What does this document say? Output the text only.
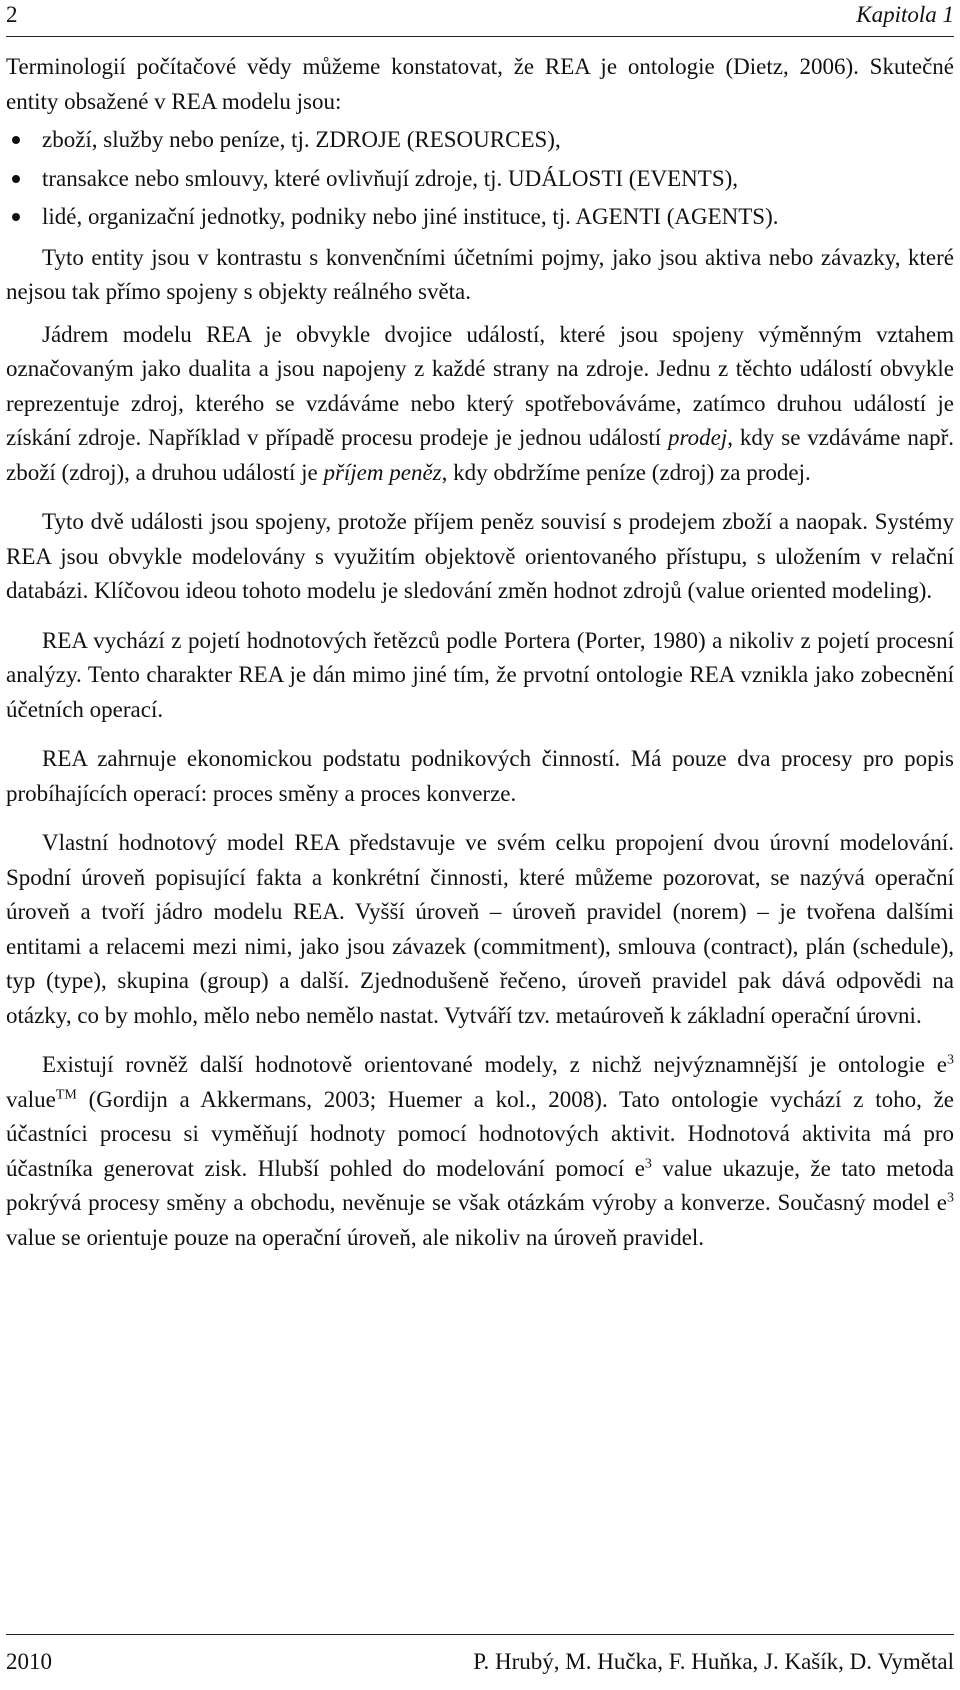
2	Kapitola 1

Terminologií počítačové vědy můžeme konstatovat, že REA je ontologie (Dietz, 2006). Skutečné entity obsažené v REA modelu jsou:

zboží, služby nebo peníze, tj. ZDROJE (RESOURCES),
transakce nebo smlouvy, které ovlivňují zdroje, tj. UDÁLOSTI (EVENTS),
lidé, organizační jednotky, podniky nebo jiné instituce, tj. AGENTI (AGENTS).

Tyto entity jsou v kontrastu s konvenčními účetními pojmy, jako jsou aktiva nebo závazky, které nejsou tak přímo spojeny s objekty reálného světa.

Jádrem modelu REA je obvykle dvojice událostí, které jsou spojeny výměnným vztahem označovaným jako dualita a jsou napojeny z každé strany na zdroje. Jednu z těchto událostí obvykle reprezentuje zdroj, kterého se vzdáváme nebo který spotřebováváme, zatímco druhou událostí je získání zdroje. Například v případě procesu prodeje je jednou událostí prodej, kdy se vzdáváme např. zboží (zdroj), a druhou událostí je příjem peněz, kdy obdržíme peníze (zdroj) za prodej.

Tyto dvě události jsou spojeny, protože příjem peněz souvisí s prodejem zboží a naopak. Systémy REA jsou obvykle modelovány s využitím objektově orientovaného přístupu, s uložením v relační databázi. Klíčovou ideou tohoto modelu je sledování změn hodnot zdrojů (value oriented modeling).

REA vychází z pojetí hodnotových řetězců podle Portera (Porter, 1980) a nikoliv z pojetí procesní analýzy. Tento charakter REA je dán mimo jiné tím, že prvotní ontologie REA vznikla jako zobecnění účetních operací.

REA zahrnuje ekonomickou podstatu podnikových činností. Má pouze dva procesy pro popis probíhajících operací: proces směny a proces konverze.

Vlastní hodnotový model REA představuje ve svém celku propojení dvou úrovní modelování. Spodní úroveň popisující fakta a konkrétní činnosti, které můžeme pozorovat, se nazývá operační úroveň a tvoří jádro modelu REA. Vyšší úroveň – úroveň pravidel (norem) – je tvořena dalšími entitami a relacemi mezi nimi, jako jsou závazek (commitment), smlouva (contract), plán (schedule), typ (type), skupina (group) a další. Zjednodušeně řečeno, úroveň pravidel pak dává odpovědi na otázky, co by mohlo, mělo nebo nemělo nastat. Vytváří tzv. metaúroveň k základní operační úrovni.

Existují rovněž další hodnotově orientované modely, z nichž nejvýznamnější je ontologie $e^3$ value™ (Gordijn a Akkermans, 2003; Huemer a kol., 2008). Tato ontologie vychází z toho, že účastníci procesu si vyměňují hodnoty pomocí hodnotových aktivit. Hodnotová aktivita má pro účastníka generovat zisk. Hlubší pohled do modelování pomocí $e^3$ value ukazuje, že tato metoda pokrývá procesy směny a obchodu, nevěnuje se však otázkám výroby a konverze. Současný model $e^3$ value se orientuje pouze na operační úroveň, ale nikoliv na úroveň pravidel.

2010	P. Hrubý, M. Hučka, F. Huňka, J. Kašík, D. Vymětal
